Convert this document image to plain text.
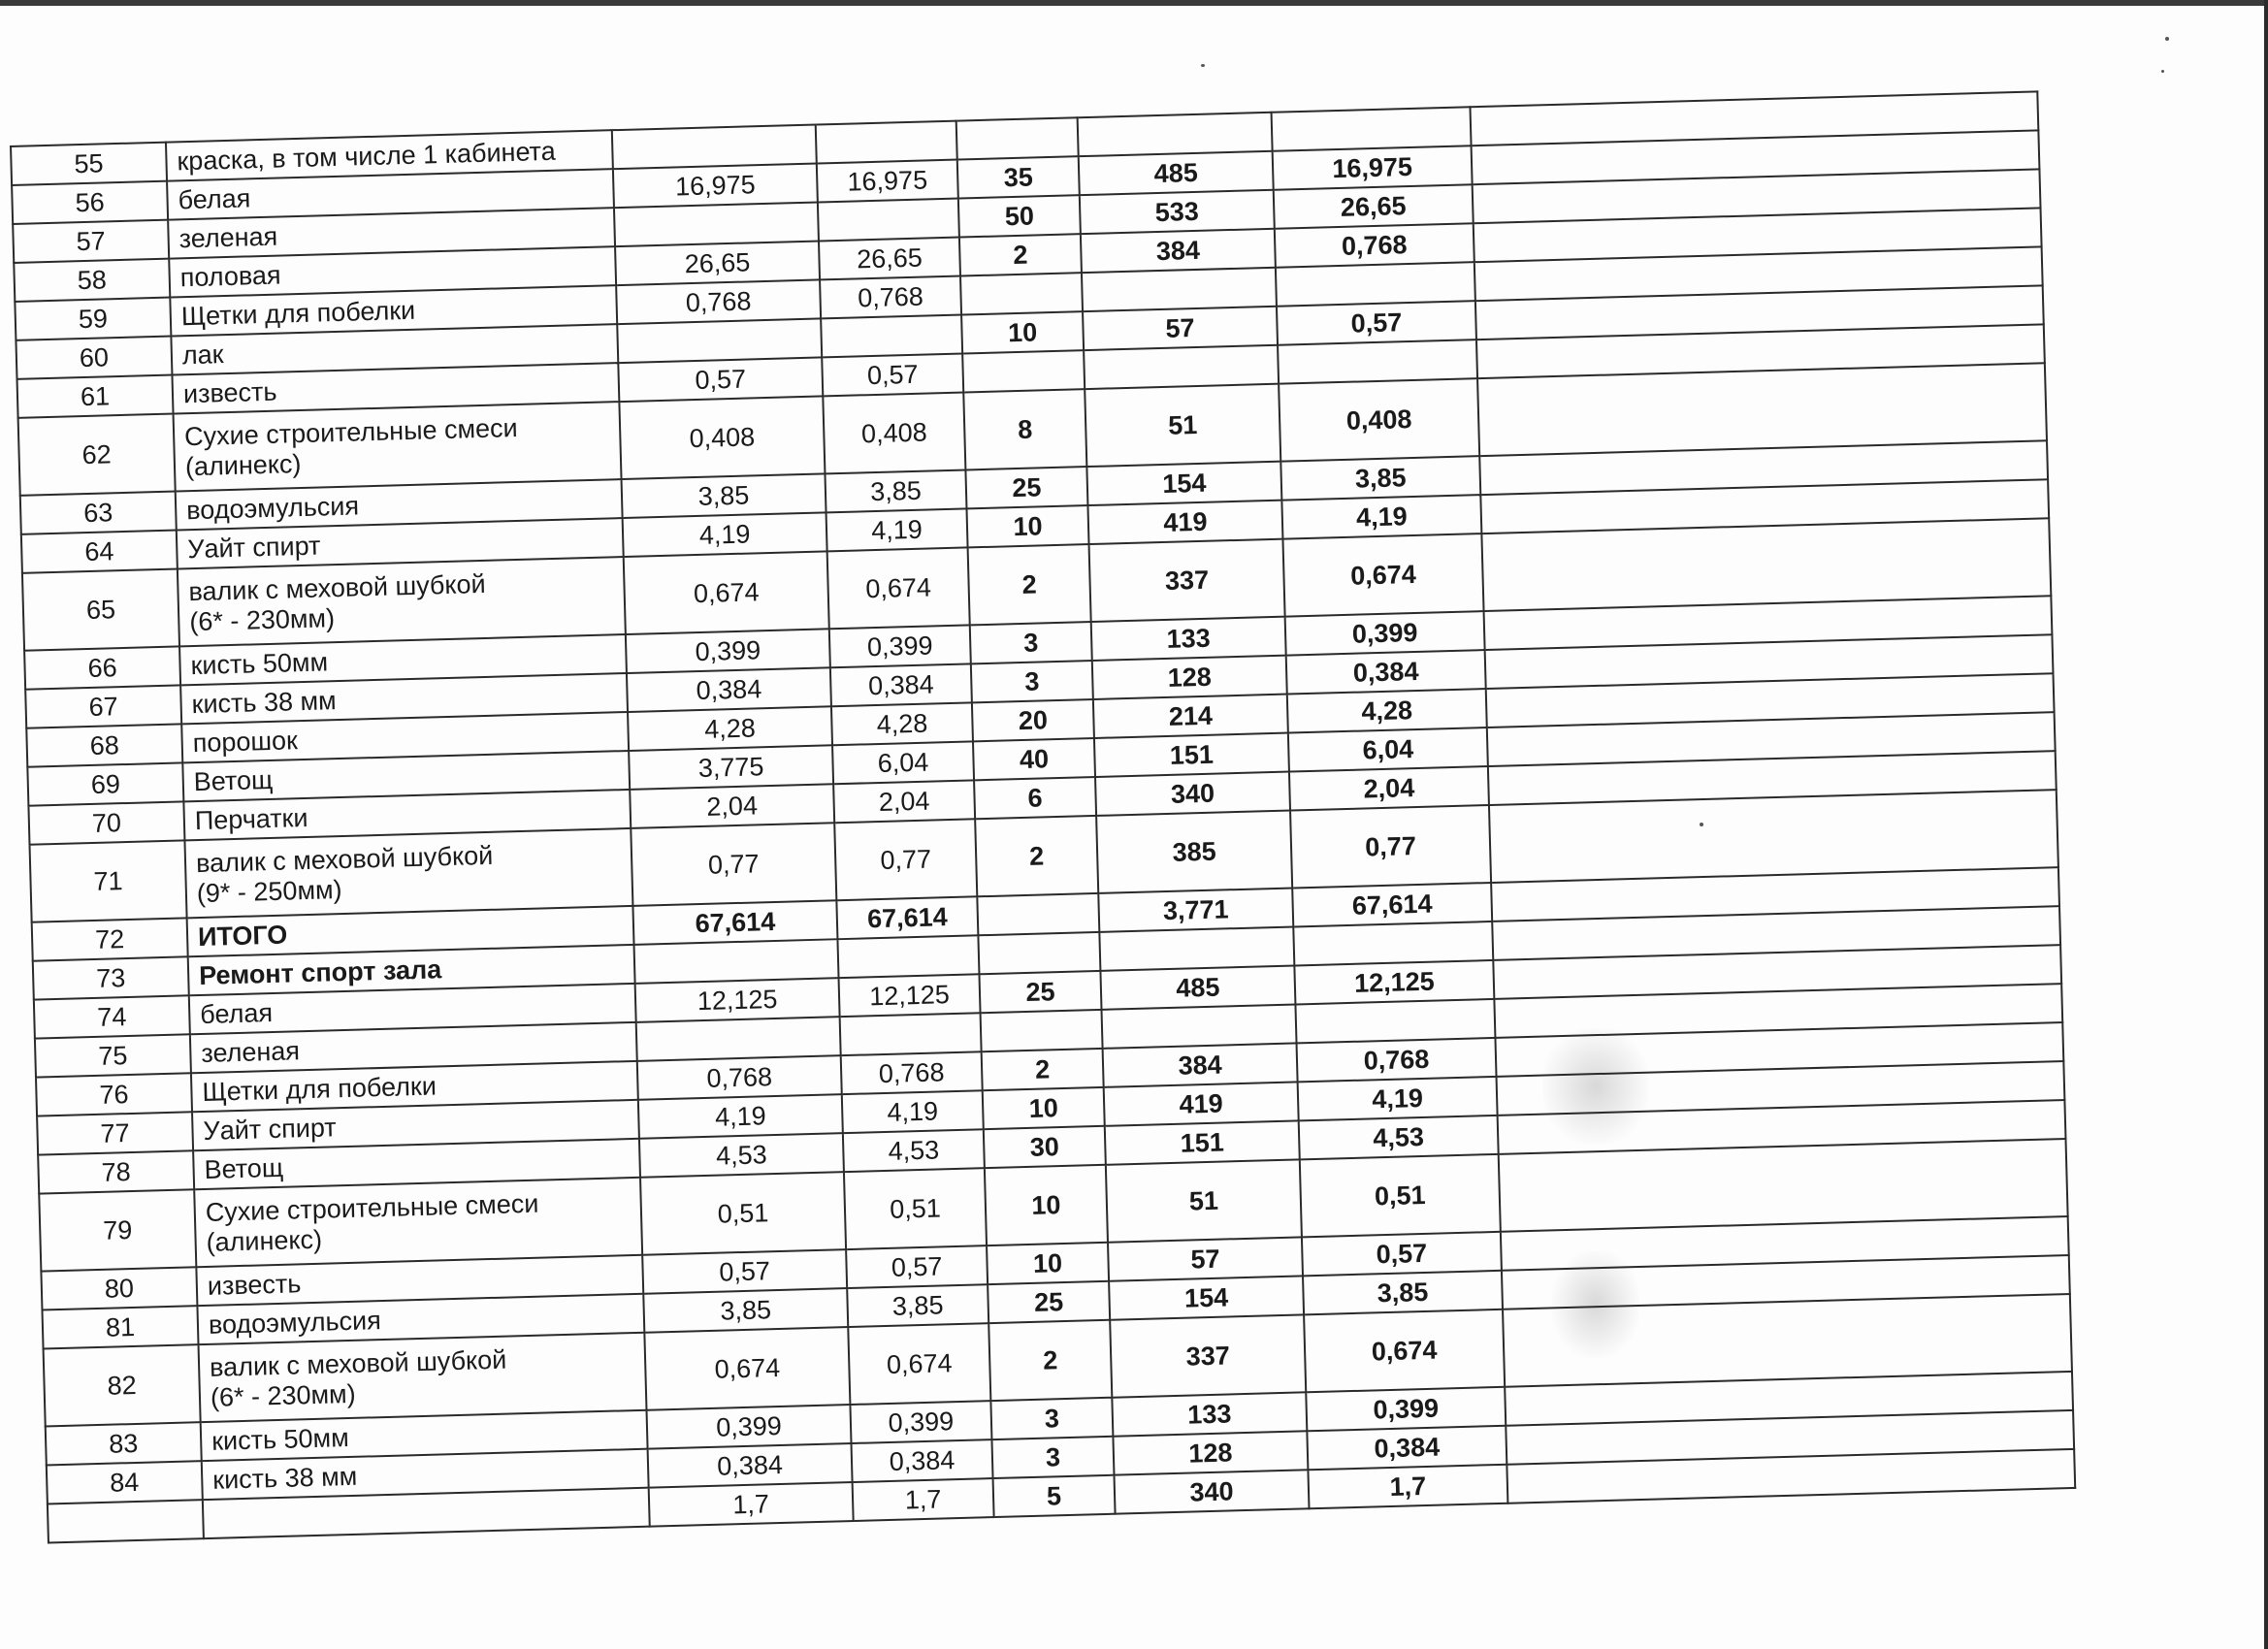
55	краска, в том числе 1 кабинета						
56	белая	16,975	16,975	35	485	16,975	
57	зеленая			50	533	26,65	
58	половая	26,65	26,65	2	384	0,768	
59	Щетки для побелки	0,768	0,768				
60	лак			10	57	0,57	
61	известь	0,57	0,57				
62	Сухие строительные смеси
(алинекс)	0,408	0,408	8	51	0,408	
63	водоэмульсия	3,85	3,85	25	154	3,85	
64	Уайт спирт	4,19	4,19	10	419	4,19	
65	валик с меховой шубкой
(6* - 230мм)	0,674	0,674	2	337	0,674	
66	кисть 50мм	0,399	0,399	3	133	0,399	
67	кисть 38 мм	0,384	0,384	3	128	0,384	
68	порошок	4,28	4,28	20	214	4,28	
69	Ветощ	3,775	6,04	40	151	6,04	
70	Перчатки	2,04	2,04	6	340	2,04	
71	валик с меховой шубкой
(9* - 250мм)	0,77	0,77	2	385	0,77	
72	ИТОГО	67,614	67,614		3,771	67,614	
73	Ремонт спорт зала						
74	белая	12,125	12,125	25	485	12,125	
75	зеленая						
76	Щетки для побелки	0,768	0,768	2	384	0,768	
77	Уайт спирт	4,19	4,19	10	419	4,19	
78	Ветощ	4,53	4,53	30	151	4,53	
79	Сухие строительные смеси
(алинекс)	0,51	0,51	10	51	0,51	
80	известь	0,57	0,57	10	57	0,57	
81	водоэмульсия	3,85	3,85	25	154	3,85	
82	валик с меховой шубкой
(6* - 230мм)	0,674	0,674	2	337	0,674	
83	кисть 50мм	0,399	0,399	3	133	0,399	
84	кисть 38 мм	0,384	0,384	3	128	0,384	
		1,7	1,7	5	340	1,7	
